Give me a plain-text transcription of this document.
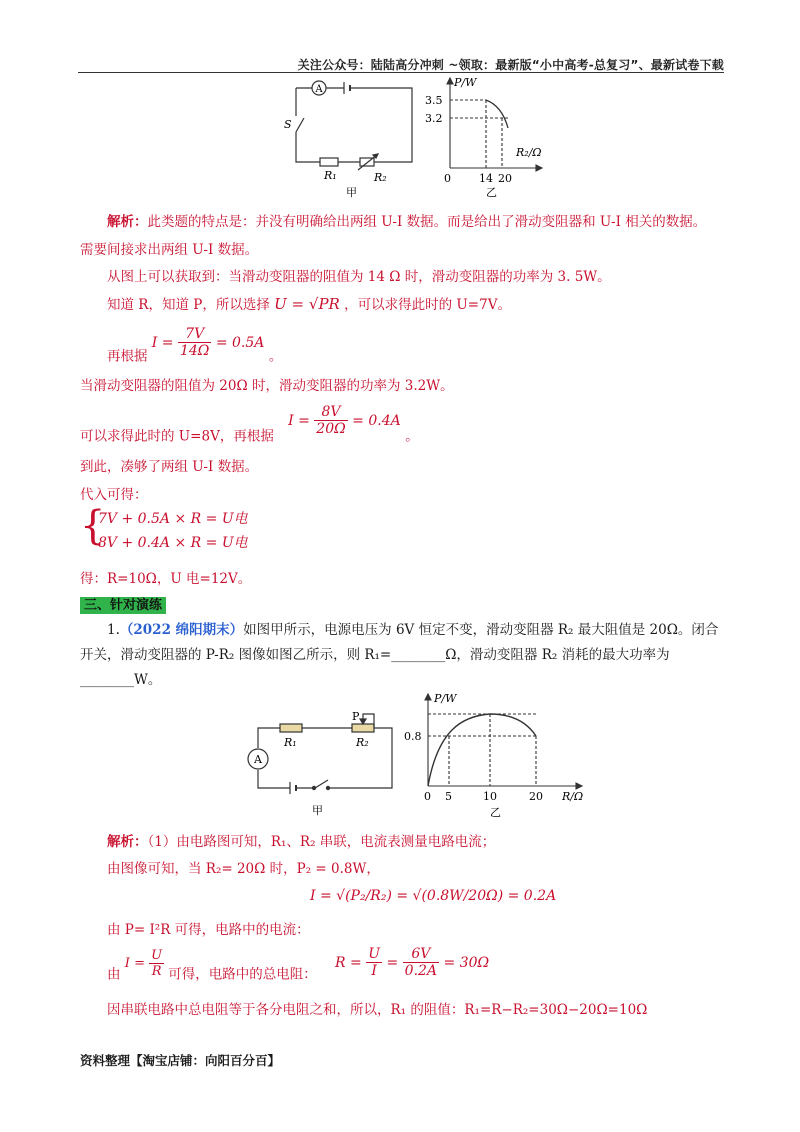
关注公众号：陆陆高分冲刺 ~领取：最新版“小中高考-总复习”、最新试卷下载
A
S
R₁	R₂
甲
P/W
3.5
3.2
R₂/Ω
0	14 20
乙
解析：此类题的特点是：并没有明确给出两组 U-I 数据。而是给出了滑动变阻器和 U-I 相关的数据。
需要间接求出两组 U-I 数据。
从图上可以获取到：当滑动变阻器的阻值为 14 Ω 时，滑动变阻器的功率为 3. 5W。
知道 R，知道 P，所以选择 U = √PR ，可以求得此时的 U=7V。
再根据 $I = \frac{7V}{14\Omega} = 0.5A$ 。
当滑动变阻器的阻值为 20Ω 时，滑动变阻器的功率为 3.2W。
可以求得此时的 U=8V，再根据 $I = \frac{8V}{20\Omega} = 0.4A$ 。
到此，凑够了两组 U-I 数据。
代入可得：
{
7V + 0.5A × R = U电
8V + 0.4A × R = U电
得：R=10Ω，U 电=12V。
三、针对演练
1.（2022 绵阳期末）如图甲所示，电源电压为 6V 恒定不变，滑动变阻器 R₂ 最大阻值是 20Ω。闭合
开关，滑动变阻器的 P-R₂ 图像如图乙所示，则 R₁=________Ω，滑动变阻器 R₂ 消耗的最大功率为
________W。
A
P
R₁	R₂
甲
P/W
0.8
R/Ω
0 5	10	20
乙
解析：（1）由电路图可知，R₁、R₂ 串联，电流表测量电路电流；
由图像可知，当 R₂= 20Ω 时，P₂ = 0.8W，
I = √(P₂/R₂) = √(0.8W/20Ω) = 0.2A
由 P= I²R 可得，电路中的电流：
由 $I = \frac{U}{R}$ 可得，电路中的总电阻： $R = \frac{U}{I} = \frac{6V}{0.2A} = 30\Omega$
因串联电路中总电阻等于各分电阻之和，所以，R₁ 的阻值：R₁=R−R₂=30Ω−20Ω=10Ω
资料整理【淘宝店铺：向阳百分百】
